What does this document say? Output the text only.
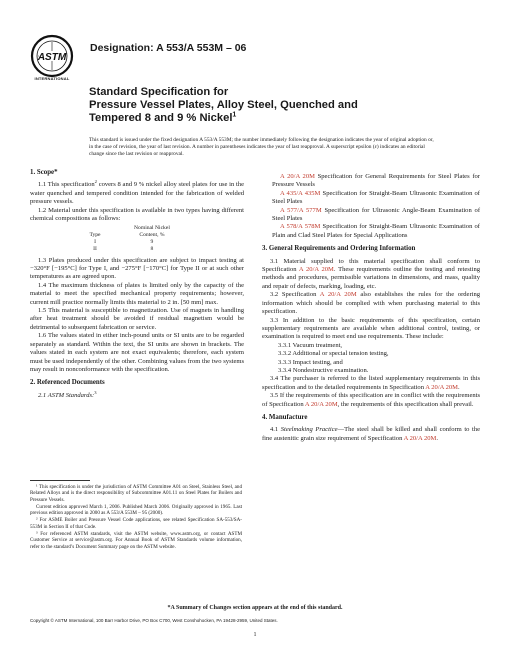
ASTM
INTERNATIONAL
Designation: A 553/A 553M – 06
Standard Specification for
Pressure Vessel Plates, Alloy Steel, Quenched and
Tempered 8 and 9 % Nickel$^1$
This standard is issued under the fixed designation A 553/A 553M; the number immediately following the designation indicates the year of original adoption or, in the case of revision, the year of last revision. A number in parentheses indicates the year of last reapproval. A superscript epsilon (ε) indicates an editorial change since the last revision or reapproval.
1. Scope*

1.1 This specification$^2$ covers 8 and 9 % nickel alloy steel plates for use in the water quenched and tempered condition intended for the fabrication of welded pressure vessels.

1.2 Material under this specification is available in two types having different chemical compositions as follows:

	Nominal Nickel
Type	Content, %
I	9
II	8

1.3 Plates produced under this specification are subject to impact testing at −320°F [−195°C] for Type I, and −275°F [−170°C] for Type II or at such other temperatures as are agreed upon.

1.4 The maximum thickness of plates is limited only by the capacity of the material to meet the specified mechanical property requirements; however, current mill practice normally limits this material to 2 in. [50 mm] max.

1.5 This material is susceptible to magnetization. Use of magnets in handling after heat treatment should be avoided if residual magnetism would be detrimental to subsequent fabrication or service.

1.6 The values stated in either inch-pound units or SI units are to be regarded separately as standard. Within the text, the SI units are shown in brackets. The values stated in each system are not exact equivalents; therefore, each system must be used independently of the other. Combining values from the two systems may result in nonconformance with the specification.

2. Referenced Documents

2.1 ASTM Standards:$^3$

¹ This specification is under the jurisdiction of ASTM Committee A01 on Steel, Stainless Steel, and Related Alloys and is the direct responsibility of Subcommittee A01.11 on Steel Plates for Boilers and Pressure Vessels.

Current edition approved March 1, 2006. Published March 2006. Originally approved in 1965. Last previous edition approved in 2000 as A 553/A 553M – 95 (2000).

² For ASME Boiler and Pressure Vessel Code applications, see related Specification SA-553/SA-553M in Section II of that Code.

³ For referenced ASTM standards, visit the ASTM website, www.astm.org, or contact ASTM Customer Service at service@astm.org. For Annual Book of ASTM Standards volume information, refer to the standard’s Document Summary page on the ASTM website.

A 20/A 20M Specification for General Requirements for Steel Plates for Pressure Vessels

A 435/A 435M Specification for Straight-Beam Ultrasonic Examination of Steel Plates

A 577/A 577M Specification for Ultrasonic Angle-Beam Examination of Steel Plates

A 578/A 578M Specification for Straight-Beam Ultrasonic Examination of Plain and Clad Steel Plates for Special Applications

3. General Requirements and Ordering Information

3.1 Material supplied to this material specification shall conform to Specification A 20/A 20M. These requirements outline the testing and retesting methods and procedures, permissible variations in dimensions, and mass, quality and repair of defects, marking, loading, etc.

3.2 Specification A 20/A 20M also establishes the rules for the ordering information which should be complied with when purchasing material to this specification.

3.3 In addition to the basic requirements of this specification, certain supplementary requirements are available when additional control, testing, or examination is required to meet end use requirements. These include:

3.3.1 Vacuum treatment,

3.3.2 Additional or special tension testing,

3.3.3 Impact testing, and

3.3.4 Nondestructive examination.

3.4 The purchaser is referred to the listed supplementary requirements in this specification and to the detailed requirements in Specification A 20/A 20M.

3.5 If the requirements of this specification are in conflict with the requirements of Specification A 20/A 20M, the requirements of this specification shall prevail.

4. Manufacture

4.1 Steelmaking Practice—The steel shall be killed and shall conform to the fine austenitic grain size requirement of Specification A 20/A 20M.

*A Summary of Changes section appears at the end of this standard.
Copyright © ASTM International, 100 Barr Harbor Drive, PO Box C700, West Conshohocken, PA 19428-2959, United States.
1
